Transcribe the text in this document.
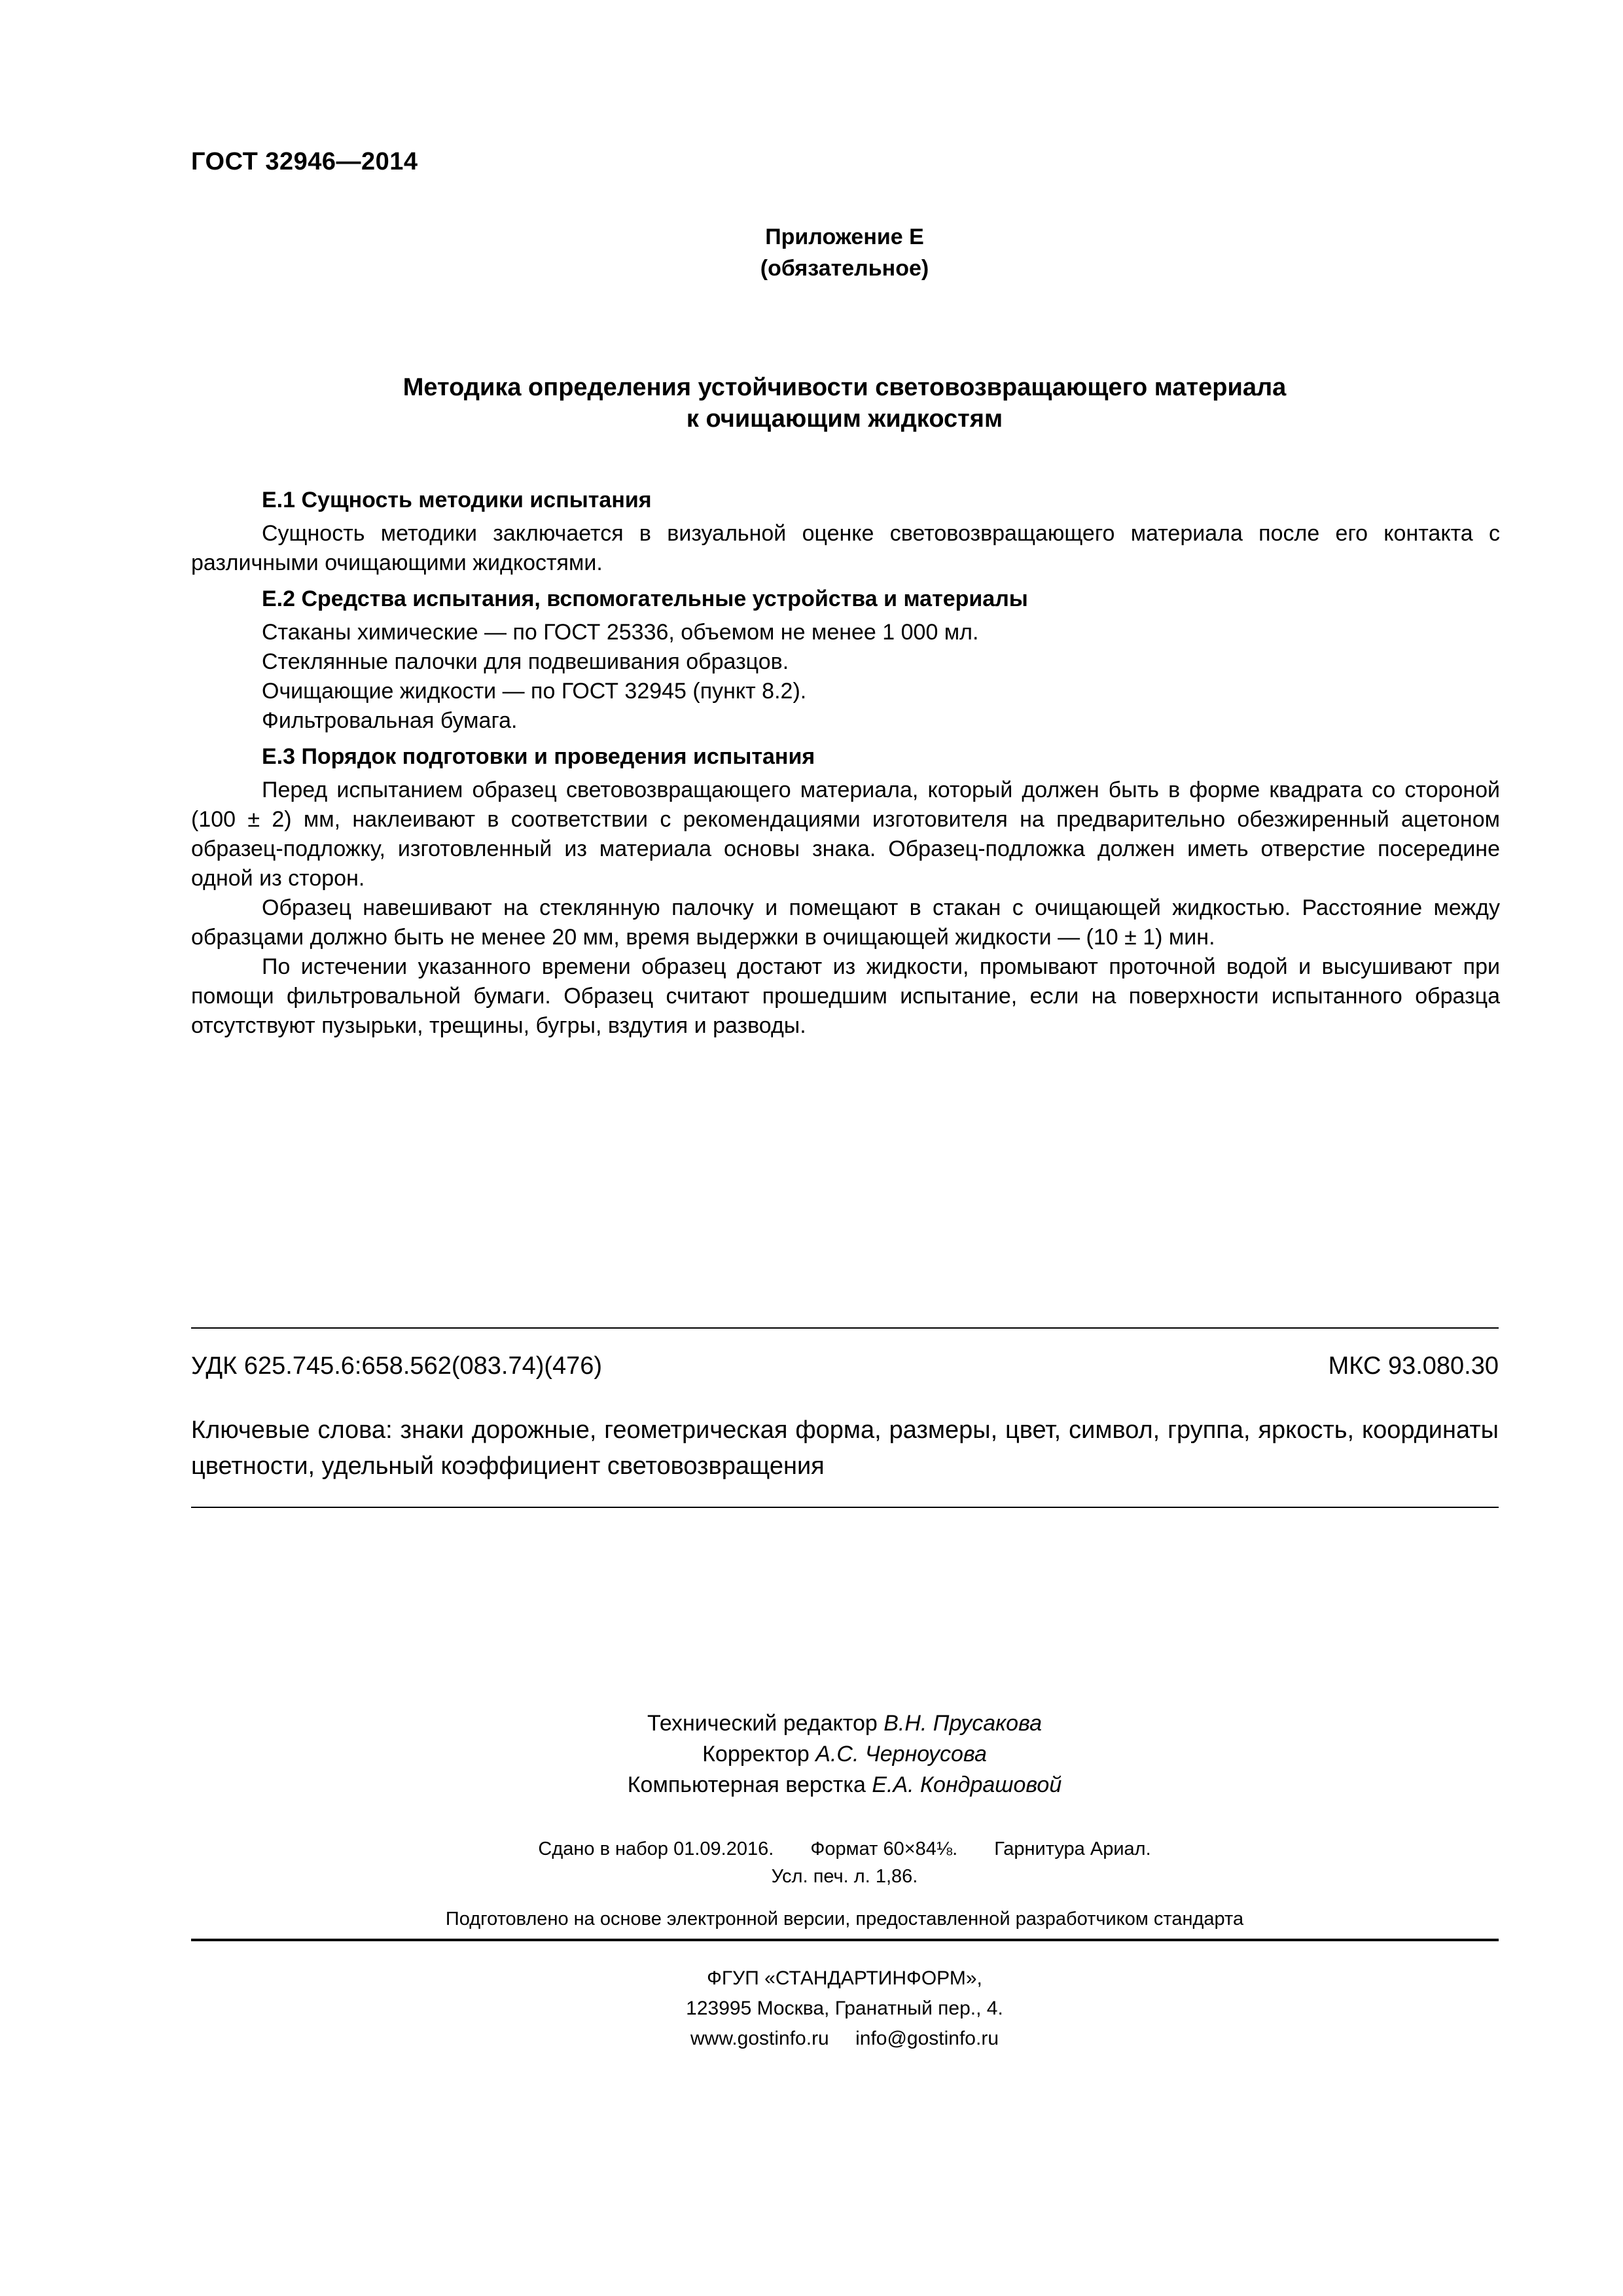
ГОСТ 32946—2014
Приложение Е
(обязательное)
Методика определения устойчивости световозвращающего материала
к очищающим жидкостям
Е.1 Сущность методики испытания

Сущность методики заключается в визуальной оценке световозвращающего материала после его контакта с различными очищающими жидкостями.

Е.2 Средства испытания, вспомогательные устройства и материалы

Стаканы химические — по ГОСТ 25336, объемом не менее 1 000 мл.

Стеклянные палочки для подвешивания образцов.

Очищающие жидкости — по ГОСТ 32945 (пункт 8.2).

Фильтровальная бумага.

Е.3 Порядок подготовки и проведения испытания

Перед испытанием образец световозвращающего материала, который должен быть в форме квадрата со стороной (100 ± 2) мм, наклеивают в соответствии с рекомендациями изготовителя на предварительно обезжиренный ацетоном образец-подложку, изготовленный из материала основы знака. Образец-подложка должен иметь отверстие посередине одной из сторон.

Образец навешивают на стеклянную палочку и помещают в стакан с очищающей жидкостью. Расстояние между образцами должно быть не менее 20 мм, время выдержки в очищающей жидкости — (10 ± 1) мин.

По истечении указанного времени образец достают из жидкости, промывают проточной водой и высушивают при помощи фильтровальной бумаги. Образец считают прошедшим испытание, если на поверхности испытанного образца отсутствуют пузырьки, трещины, бугры, вздутия и разводы.

УДК 625.745.6:658.562(083.74)(476)	МКС 93.080.30
Ключевые слова: знаки дорожные, геометрическая форма, размеры, цвет, символ, группа, яркость, координаты цветности, удельный коэффициент световозвращения
Технический редактор В.Н. Прусакова
Корректор А.С. Черноусова
Компьютерная верстка Е.А. Кондрашовой
Сдано в набор 01.09.2016. Формат 60×84⅛. Гарнитура Ариал.
Усл. печ. л. 1,86.
Подготовлено на основе электронной версии, предоставленной разработчиком стандарта
ФГУП «СТАНДАРТИНФОРМ»,
123995 Москва, Гранатный пер., 4.
www.gostinfo.ru info@gostinfo.ru
